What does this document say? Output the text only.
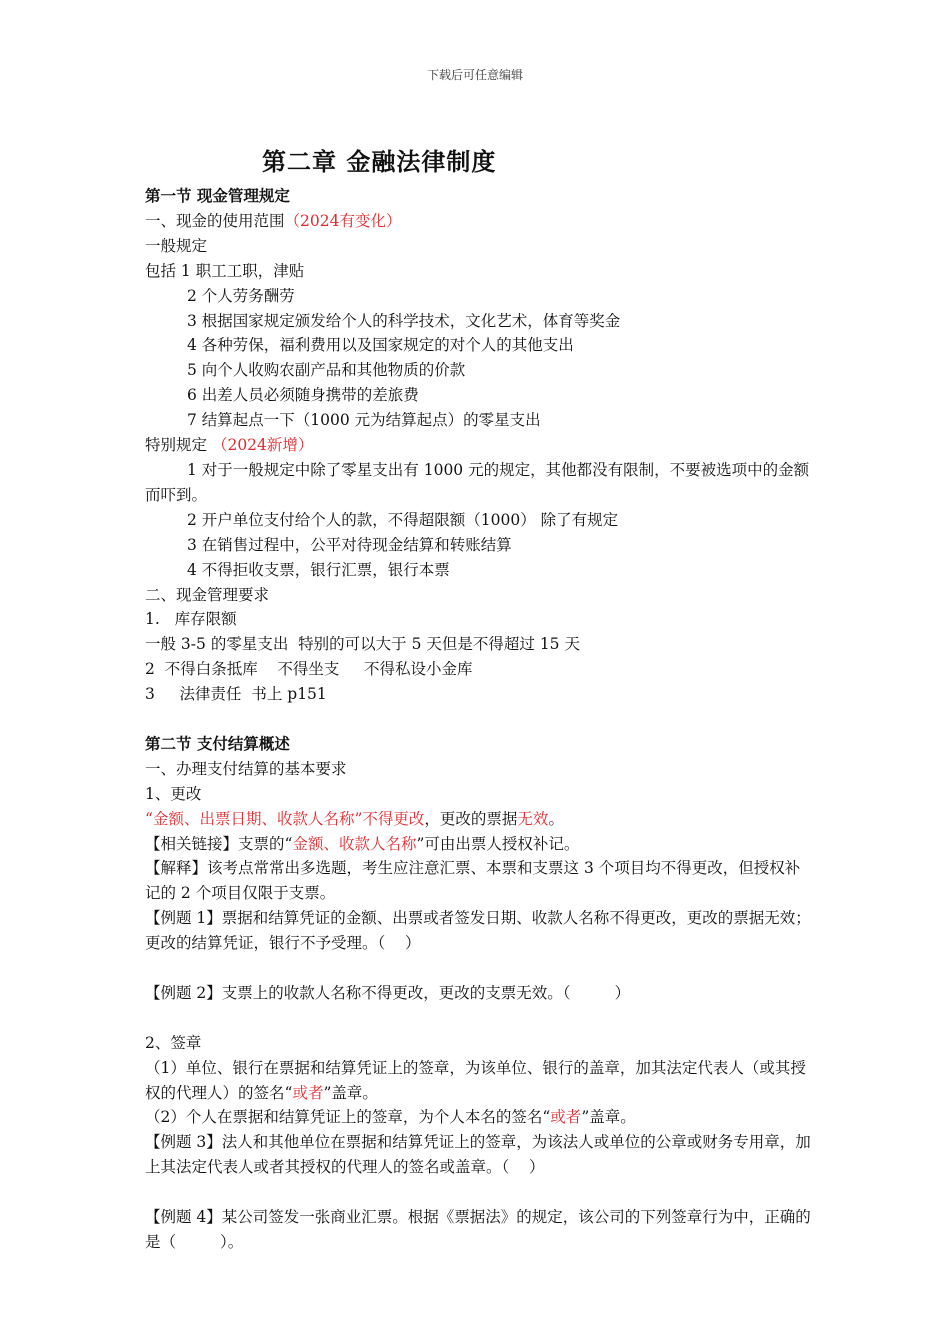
下载后可任意编辑
第二章 金融法律制度

第一节 现金管理规定

一、现金的使用范围（2024有变化）

一般规定

包括 1 职工工职，津贴

2 个人劳务酬劳

3 根据国家规定颁发给个人的科学技术，文化艺术，体育等奖金

4 各种劳保，福利费用以及国家规定的对个人的其他支出

5 向个人收购农副产品和其他物质的价款

6 出差人员必须随身携带的差旅费

7 结算起点一下（1000 元为结算起点）的零星支出

特别规定 （2024新增）

1 对于一般规定中除了零星支出有 1000 元的规定，其他都没有限制，不要被选项中的金额而吓到。

2 开户单位支付给个人的款，不得超限额（1000） 除了有规定

3 在销售过程中，公平对待现金结算和转账结算

4 不得拒收支票，银行汇票，银行本票

二、现金管理要求

1.   库存限额

一般 3-5 的零星支出  特别的可以大于 5 天但是不得超过 15 天

2  不得白条抵库    不得坐支     不得私设小金库

3     法律责任  书上 p151

第二节 支付结算概述

一、办理支付结算的基本要求

1、更改

“金额、出票日期、收款人名称”不得更改，更改的票据无效。

【相关链接】支票的“金额、收款人名称”可由出票人授权补记。

【解释】该考点常常出多选题，考生应注意汇票、本票和支票这 3 个项目均不得更改，但授权补记的 2 个项目仅限于支票。

【例题 1】票据和结算凭证的金额、出票或者签发日期、收款人名称不得更改，更改的票据无效；更改的结算凭证，银行不予受理。（    ）

【例题 2】支票上的收款人名称不得更改，更改的支票无效。（	）

2、签章

（1）单位、银行在票据和结算凭证上的签章，为该单位、银行的盖章，加其法定代表人（或其授权的代理人）的签名“或者”盖章。

（2）个人在票据和结算凭证上的签章，为个人本名的签名“或者”盖章。

【例题 3】法人和其他单位在票据和结算凭证上的签章，为该法人或单位的公章或财务专用章，加上其法定代表人或者其授权的代理人的签名或盖章。（    ）

【例题 4】某公司签发一张商业汇票。根据《票据法》的规定，该公司的下列签章行为中，正确的是（	）。
